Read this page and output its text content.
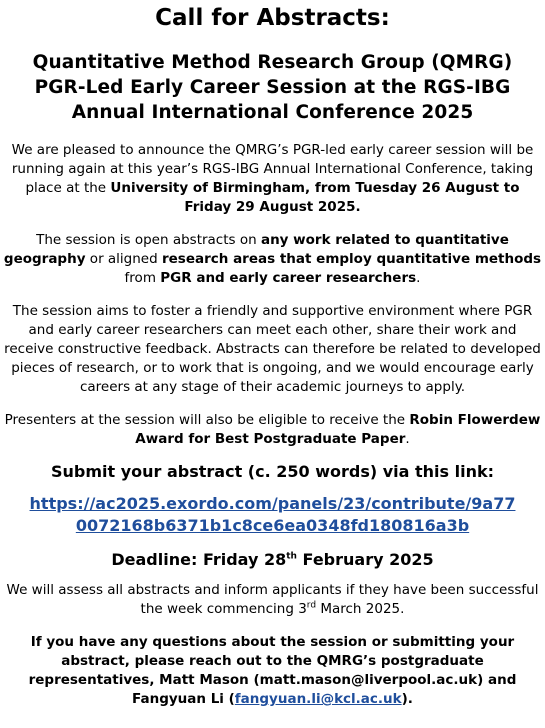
Call for Abstracts:
Quantitative Method Research Group (QMRG)
PGR-Led Early Career Session at the RGS-IBG
Annual International Conference 2025

We are pleased to announce the QMRG’s PGR-led early career session will be running again at this year’s RGS-IBG Annual International Conference, taking place at the University of Birmingham, from Tuesday 26 August to Friday 29 August 2025.

The session is open abstracts on any work related to quantitative geography or aligned research areas that employ quantitative methods from PGR and early career researchers.

The session aims to foster a friendly and supportive environment where PGR and early career researchers can meet each other, share their work and receive constructive feedback. Abstracts can therefore be related to developed pieces of research, or to work that is ongoing, and we would encourage early careers at any stage of their academic journeys to apply.

Presenters at the session will also be eligible to receive the Robin Flowerdew Award for Best Postgraduate Paper.

Submit your abstract (c. 250 words) via this link:

https://ac2025.exordo.com/panels/23/contribute/9a77
0072168b6371b1c8ce6ea0348fd180816a3b

Deadline: Friday 28th February 2025

We will assess all abstracts and inform applicants if they have been successful the week commencing 3rd March 2025.

If you have any questions about the session or submitting your abstract, please reach out to the QMRG’s postgraduate representatives, Matt Mason (matt.mason@liverpool.ac.uk) and Fangyuan Li (fangyuan.li@kcl.ac.uk).
